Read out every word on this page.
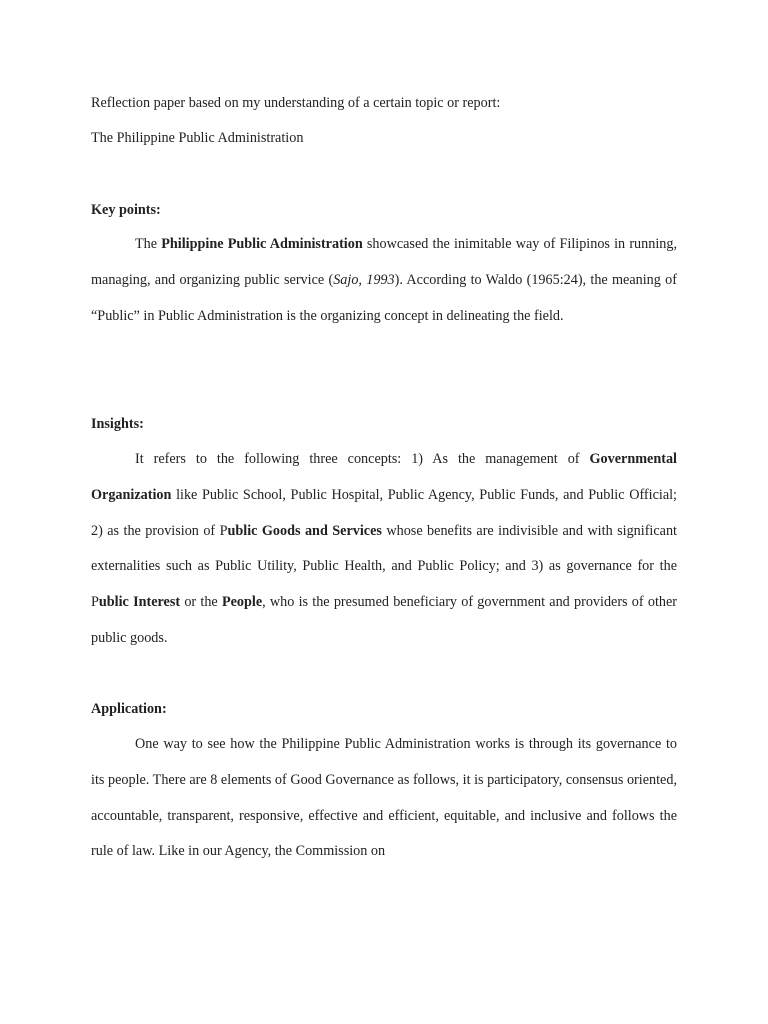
Reflection paper based on my understanding of a certain topic or report:
The Philippine Public Administration
Key points:
The Philippine Public Administration showcased the inimitable way of Filipinos in running, managing, and organizing public service (Sajo, 1993). According to Waldo (1965:24), the meaning of “Public” in Public Administration is the organizing concept in delineating the field.
Insights:
It refers to the following three concepts: 1) As the management of Governmental Organization like Public School, Public Hospital, Public Agency, Public Funds, and Public Official; 2) as the provision of Public Goods and Services whose benefits are indivisible and with significant externalities such as Public Utility, Public Health, and Public Policy; and 3) as governance for the Public Interest or the People, who is the presumed beneficiary of government and providers of other public goods.
Application:
One way to see how the Philippine Public Administration works is through its governance to its people. There are 8 elements of Good Governance as follows, it is participatory, consensus oriented, accountable, transparent, responsive, effective and efficient, equitable, and inclusive and follows the rule of law. Like in our Agency, the Commission on
